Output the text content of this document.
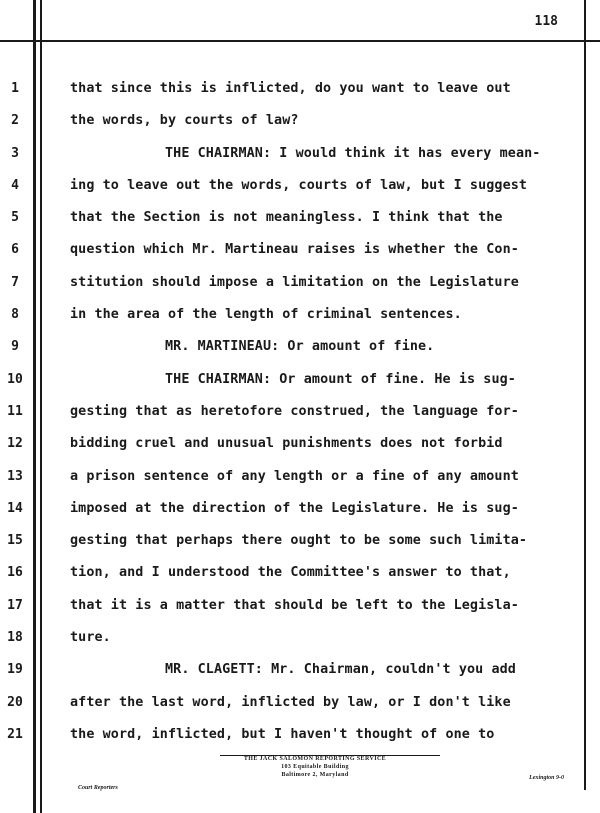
118
1	that since this is inflicted, do you want to leave out
2	the words, by courts of law?
3	THE CHAIRMAN: I would think it has every mean-
4	ing to leave out the words, courts of law, but I suggest
5	that the Section is not meaningless. I think that the
6	question which Mr. Martineau raises is whether the Con-
7	stitution should impose a limitation on the Legislature
8	in the area of the length of criminal sentences.
9	MR. MARTINEAU: Or amount of fine.
10	THE CHAIRMAN: Or amount of fine. He is sug-
11	gesting that as heretofore construed, the language for-
12	bidding cruel and unusual punishments does not forbid
13	a prison sentence of any length or a fine of any amount
14	imposed at the direction of the Legislature. He is sug-
15	gesting that perhaps there ought to be some such limita-
16	tion, and I understood the Committee's answer to that,
17	that it is a matter that should be left to the Legisla-
18	ture.
19	MR. CLAGETT: Mr. Chairman, couldn't you add
20	after the last word, inflicted by law, or I don't like
21	the word, inflicted, but I haven't thought of one to
THE JACK SALOMON REPORTING SERVICE
103 Equitable Building
Baltimore 2, Maryland
Court Reporters
Lexington 9-0
